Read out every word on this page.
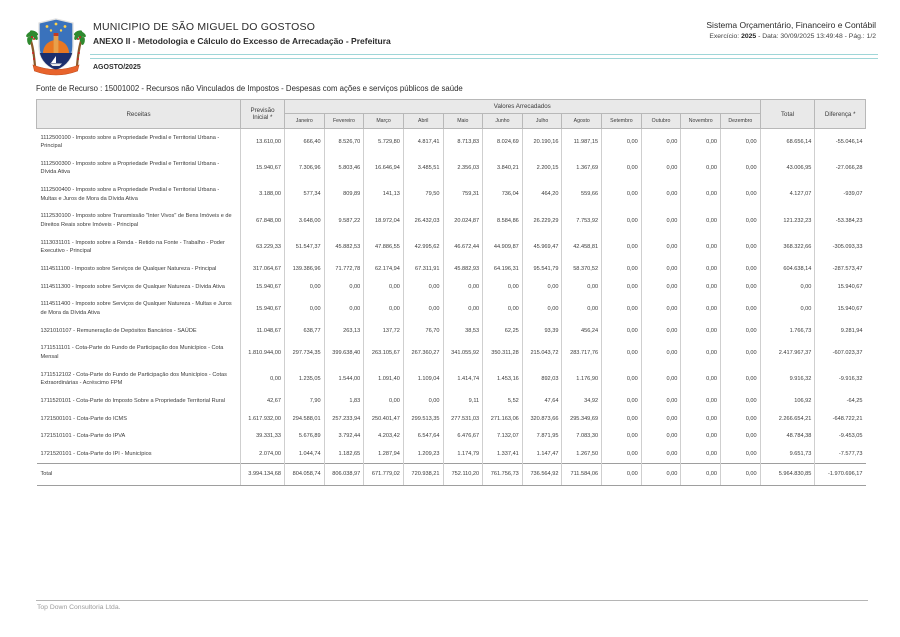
MUNICIPIO DE SÃO MIGUEL DO GOSTOSO
ANEXO II - Metodologia e Cálculo do Excesso de Arrecadação - Prefeitura
AGOSTO/2025
Sistema Orçamentário, Financeiro e Contábil
Exercício: 2025 - Data: 30/09/2025 13:49:48 - Pág.: 1/2
Fonte de Recurso : 15001002 - Recursos não Vinculados de Impostos - Despesas com ações e serviços públicos de saúde
Receitas	Previsão Inicial *	Valores Arrecadados												Total	Diferença *
		Janeiro	Fevereiro	Março	Abril	Maio	Junho	Julho	Agosto	Setembro	Outubro	Novembro	Dezembro		
1112500100 - Imposto sobre a Propriedade Predial e Territorial Urbana - Principal	13.610,00	666,40	8.526,70	5.729,80	4.817,41	8.713,83	8.024,69	20.190,16	11.987,15	0,00	0,00	0,00	0,00	68.656,14	-55.046,14
1112500300 - Imposto sobre a Propriedade Predial e Territorial Urbana - Dívida Ativa	15.940,67	7.306,96	5.803,46	16.646,94	3.485,51	2.356,03	3.840,21	2.200,15	1.367,69	0,00	0,00	0,00	0,00	43.006,95	-27.066,28
1112500400 - Imposto sobre a Propriedade Predial e Territorial Urbana - Multas e Juros de Mora da Dívida Ativa	3.188,00	577,34	809,89	141,13	79,50	759,31	736,04	464,20	559,66	0,00	0,00	0,00	0,00	4.127,07	-939,07
1112530100 - Imposto sobre Transmissão "Inter Vivos" de Bens Imóveis e de Direitos Reais sobre Imóveis - Principal	67.848,00	3.648,00	9.587,22	18.972,04	26.432,03	20.024,87	8.584,86	26.229,29	7.753,92	0,00	0,00	0,00	0,00	121.232,23	-53.384,23
1113031101 - Imposto sobre a Renda - Retido na Fonte - Trabalho - Poder Executivo - Principal	63.229,33	51.547,37	45.882,53	47.886,55	42.995,62	46.672,44	44.909,87	45.969,47	42.458,81	0,00	0,00	0,00	0,00	368.322,66	-305.093,33
1114511100 - Imposto sobre Serviços de Qualquer Natureza - Principal	317.064,67	139.386,96	71.772,78	62.174,94	67.311,91	45.882,93	64.196,31	95.541,79	58.370,52	0,00	0,00	0,00	0,00	604.638,14	-287.573,47
1114511300 - Imposto sobre Serviços de Qualquer Natureza - Dívida Ativa	15.940,67	0,00	0,00	0,00	0,00	0,00	0,00	0,00	0,00	0,00	0,00	0,00	0,00	0,00	15.940,67
1114511400 - Imposto sobre Serviços de Qualquer Natureza - Multas e Juros de Mora da Dívida Ativa	15.940,67	0,00	0,00	0,00	0,00	0,00	0,00	0,00	0,00	0,00	0,00	0,00	0,00	0,00	15.940,67
1321010107 - Remuneração de Depósitos Bancários - SAÚDE	11.048,67	638,77	263,13	137,72	76,70	38,53	62,25	93,39	456,24	0,00	0,00	0,00	0,00	1.766,73	9.281,94
1711511101 - Cota-Parte do Fundo de Participação dos Municípios - Cota Mensal	1.810.944,00	297.734,35	399.638,40	263.105,67	267.360,27	341.055,92	350.311,28	215.043,72	283.717,76	0,00	0,00	0,00	0,00	2.417.967,37	-607.023,37
1711512102 - Cota-Parte do Fundo de Participação dos Municípios - Cotas Extraordinárias - Acréscimo FPM	0,00	1.235,05	1.544,00	1.091,40	1.109,04	1.414,74	1.453,16	892,03	1.176,90	0,00	0,00	0,00	0,00	9.916,32	-9.916,32
1711520101 - Cota-Parte do Imposto Sobre a Propriedade Territorial Rural	42,67	7,90	1,83	0,00	0,00	9,11	5,52	47,64	34,92	0,00	0,00	0,00	0,00	106,92	-64,25
1721500101 - Cota-Parte do ICMS	1.617.932,00	294.588,01	257.233,94	250.401,47	299.513,35	277.531,03	271.163,06	320.873,66	295.349,69	0,00	0,00	0,00	0,00	2.266.654,21	-648.722,21
1721510101 - Cota-Parte do IPVA	39.331,33	5.676,89	3.792,44	4.203,42	6.547,64	6.476,67	7.132,07	7.871,95	7.083,30	0,00	0,00	0,00	0,00	48.784,38	-9.453,05
1721520101 - Cota-Parte do IPI - Municípios	2.074,00	1.044,74	1.182,65	1.287,94	1.209,23	1.174,79	1.337,41	1.147,47	1.267,50	0,00	0,00	0,00	0,00	9.651,73	-7.577,73
Total	3.994.134,68	804.058,74	806.038,97	671.779,02	720.938,21	752.110,20	761.756,73	736.564,92	711.584,06	0,00	0,00	0,00	0,00	5.964.830,85	-1.970.696,17
Top Down Consultoria Ltda.
